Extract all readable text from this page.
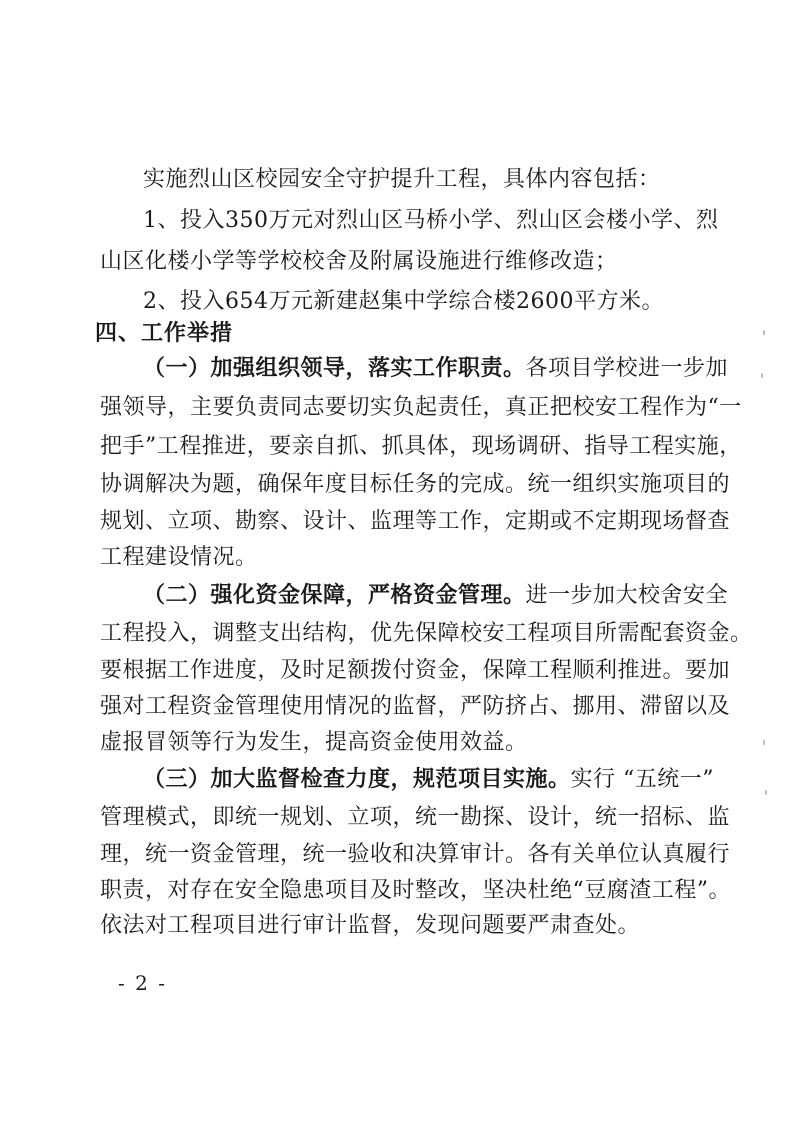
实施烈山区校园安全守护提升工程，具体内容包括：
1、投入350万元对烈山区马桥小学、烈山区会楼小学、烈
山区化楼小学等学校校舍及附属设施进行维修改造；
2、投入654万元新建赵集中学综合楼2600平方米。
四、工作举措
（一）加强组织领导，落实工作职责。各项目学校进一步加
强领导，主要负责同志要切实负起责任，真正把校安工程作为“一
把手”工程推进，要亲自抓、抓具体，现场调研、指导工程实施，
协调解决为题，确保年度目标任务的完成。统一组织实施项目的
规划、立项、勘察、设计、监理等工作，定期或不定期现场督查
工程建设情况。
（二）强化资金保障，严格资金管理。进一步加大校舍安全
工程投入，调整支出结构，优先保障校安工程项目所需配套资金。
要根据工作进度，及时足额拨付资金，保障工程顺利推进。要加
强对工程资金管理使用情况的监督，严防挤占、挪用、滞留以及
虚报冒领等行为发生，提高资金使用效益。
（三）加大监督检查力度，规范项目实施。实行 “五统一”
管理模式，即统一规划、立项，统一勘探、设计，统一招标、监
理，统一资金管理，统一验收和决算审计。各有关单位认真履行
职责，对存在安全隐患项目及时整改，坚决杜绝“豆腐渣工程”。
依法对工程项目进行审计监督，发现问题要严肃查处。
- 2 -
